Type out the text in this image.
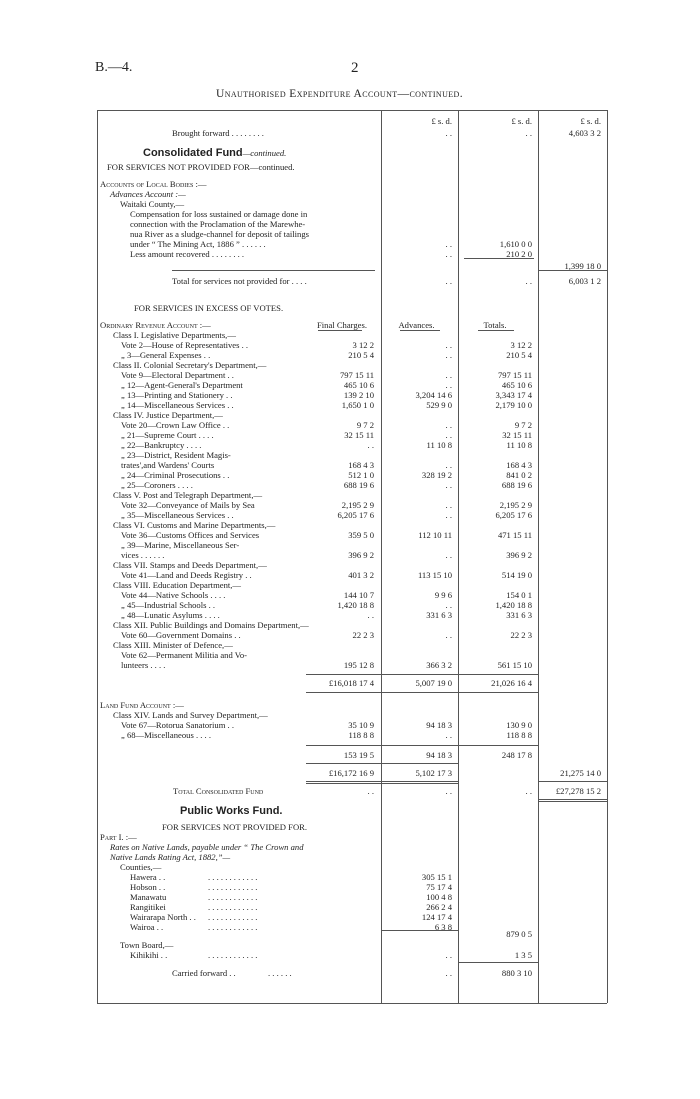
B.—4.	2
Unauthorised Expenditure Account—continued.
£ s. d.	£ s. d.	£ s. d.
Brought forward . . . . . . . .	. .	. .	4,603 3 2
Consolidated Fund—continued.
FOR SERVICES NOT PROVIDED FOR—continued.
Accounts of Local Bodies :—
Advances Account :—
Waitaki County,—
Compensation for loss sustained or damage done in
connection with the Proclamation of the Marewhe-
nua River as a sludge-channel for deposit of tailings
under “ The Mining Act, 1886 ” . . . . . .	. .	1,610 0 0
Less amount recovered . . . . . . . .	. .	210 2 0
1,399 18 0
Total for services not provided for . . . .	. .	. .	6,003 1 2
FOR SERVICES IN EXCESS OF VOTES.
Final Charges.	Advances.	Totals.
Ordinary Revenue Account :—
Class I. Legislative Departments,—
Vote 2—House of Representatives . .	3 12 2	. .	3 12 2
„ 3—General Expenses . .	210 5 4	. .	210 5 4
Class II. Colonial Secretary's Department,—
Vote 9—Electoral Department . .	797 15 11	. .	797 15 11
„ 12—Agent-General's Department	465 10 6	. .	465 10 6
„ 13—Printing and Stationery . .	139 2 10	3,204 14 6	3,343 17 4
„ 14—Miscellaneous Services . .	1,650 1 0	529 9 0	2,179 10 0
Class IV. Justice Department,—
Vote 20—Crown Law Office . .	9 7 2	. .	9 7 2
„ 21—Supreme Court . . . .	32 15 11	. .	32 15 11
„ 22—Bankruptcy . . . .	. .	11 10 8	11 10 8
„ 23—District, Resident Magis-
trates',and Wardens' Courts	168 4 3	. .	168 4 3
„ 24—Criminal Prosecutions . .	512 1 0	328 19 2	841 0 2
„ 25—Coroners . . . .	688 19 6	. .	688 19 6
Class V. Post and Telegraph Department,—
Vote 32—Conveyance of Mails by Sea	2,195 2 9	. .	2,195 2 9
„ 35—Miscellaneous Services . .	6,205 17 6	. .	6,205 17 6
Class VI. Customs and Marine Departments,—
Vote 36—Customs Offices and Services	359 5 0	112 10 11	471 15 11
„ 39—Marine, Miscellaneous Ser-
vices . . . . . .	396 9 2	. .	396 9 2
Class VII. Stamps and Deeds Department,—
Vote 41—Land and Deeds Registry . .	401 3 2	113 15 10	514 19 0
Class VIII. Education Department,—
Vote 44—Native Schools . . . .	144 10 7	9 9 6	154 0 1
„ 45—Industrial Schools . .	1,420 18 8	. .	1,420 18 8
„ 48—Lunatic Asylums . . . .	. .	331 6 3	331 6 3
Class XII. Public Buildings and Domains Department,—
Vote 60—Government Domains . .	22 2 3	. .	22 2 3
Class XIII. Minister of Defence,—
Vote 62—Permanent Militia and Vo-
lunteers . . . .	195 12 8	366 3 2	561 15 10
£16,018 17 4	5,007 19 0	21,026 16 4
Land Fund Account :—
Class XIV. Lands and Survey Department,—
Vote 67—Rotorua Sanatorium . .	35 10 9	94 18 3	130 9 0
„ 68—Miscellaneous . . . .	118 8 8	. .	118 8 8
153 19 5	94 18 3	248 17 8
£16,172 16 9	5,102 17 3	21,275 14 0
Total Consolidated Fund	. .	. .	. .	£27,278 15 2
Public Works Fund.
FOR SERVICES NOT PROVIDED FOR.
Part I. :—
Rates on Native Lands, payable under “ The Crown and
Native Lands Rating Act, 1882,”—
Counties,—
Hawera . .	. . . . . . . . . . . .	305 15 1
Hobson . .	. . . . . . . . . . . .	75 17 4
Manawatu	. . . . . . . . . . . .	100 4 8
Rangitikei	. . . . . . . . . . . .	266 2 4
Wairarapa North . . . . . . . . . . . . . .	124 17 4
Wairoa . .	. . . . . . . . . . . .	6 3 8
879 0 5
Town Board,—
Kihikihi . .	. . . . . . . . . . . .	. .	1 3 5
Carried forward . .	. . . . . .	. .	880 3 10
